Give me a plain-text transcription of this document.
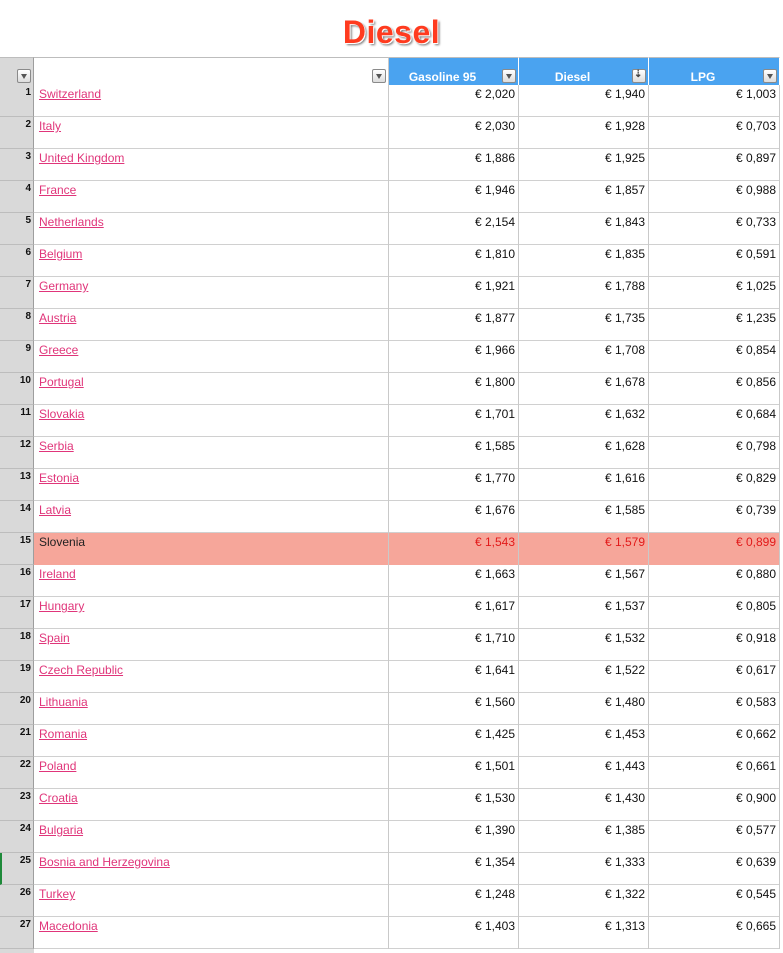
Diesel
Gasoline 95	Diesel	⇣	LPG
1 Switzerland	€ 2,020	€ 1,940	€ 1,003
2 Italy	€ 2,030	€ 1,928	€ 0,703
3 United Kingdom	€ 1,886	€ 1,925	€ 0,897
4 France	€ 1,946	€ 1,857	€ 0,988
5 Netherlands	€ 2,154	€ 1,843	€ 0,733
6 Belgium	€ 1,810	€ 1,835	€ 0,591
7 Germany	€ 1,921	€ 1,788	€ 1,025
8 Austria	€ 1,877	€ 1,735	€ 1,235
9 Greece	€ 1,966	€ 1,708	€ 0,854
10 Portugal	€ 1,800	€ 1,678	€ 0,856
11 Slovakia	€ 1,701	€ 1,632	€ 0,684
12 Serbia	€ 1,585	€ 1,628	€ 0,798
13 Estonia	€ 1,770	€ 1,616	€ 0,829
14 Latvia	€ 1,676	€ 1,585	€ 0,739
15 Slovenia	€ 1,543	€ 1,579	€ 0,899
16 Ireland	€ 1,663	€ 1,567	€ 0,880
17 Hungary	€ 1,617	€ 1,537	€ 0,805
18 Spain	€ 1,710	€ 1,532	€ 0,918
19 Czech Republic	€ 1,641	€ 1,522	€ 0,617
20 Lithuania	€ 1,560	€ 1,480	€ 0,583
21 Romania	€ 1,425	€ 1,453	€ 0,662
22 Poland	€ 1,501	€ 1,443	€ 0,661
23 Croatia	€ 1,530	€ 1,430	€ 0,900
24 Bulgaria	€ 1,390	€ 1,385	€ 0,577
25 Bosnia and Herzegovina	€ 1,354	€ 1,333	€ 0,639
26 Turkey	€ 1,248	€ 1,322	€ 0,545
27 Macedonia	€ 1,403	€ 1,313	€ 0,665
